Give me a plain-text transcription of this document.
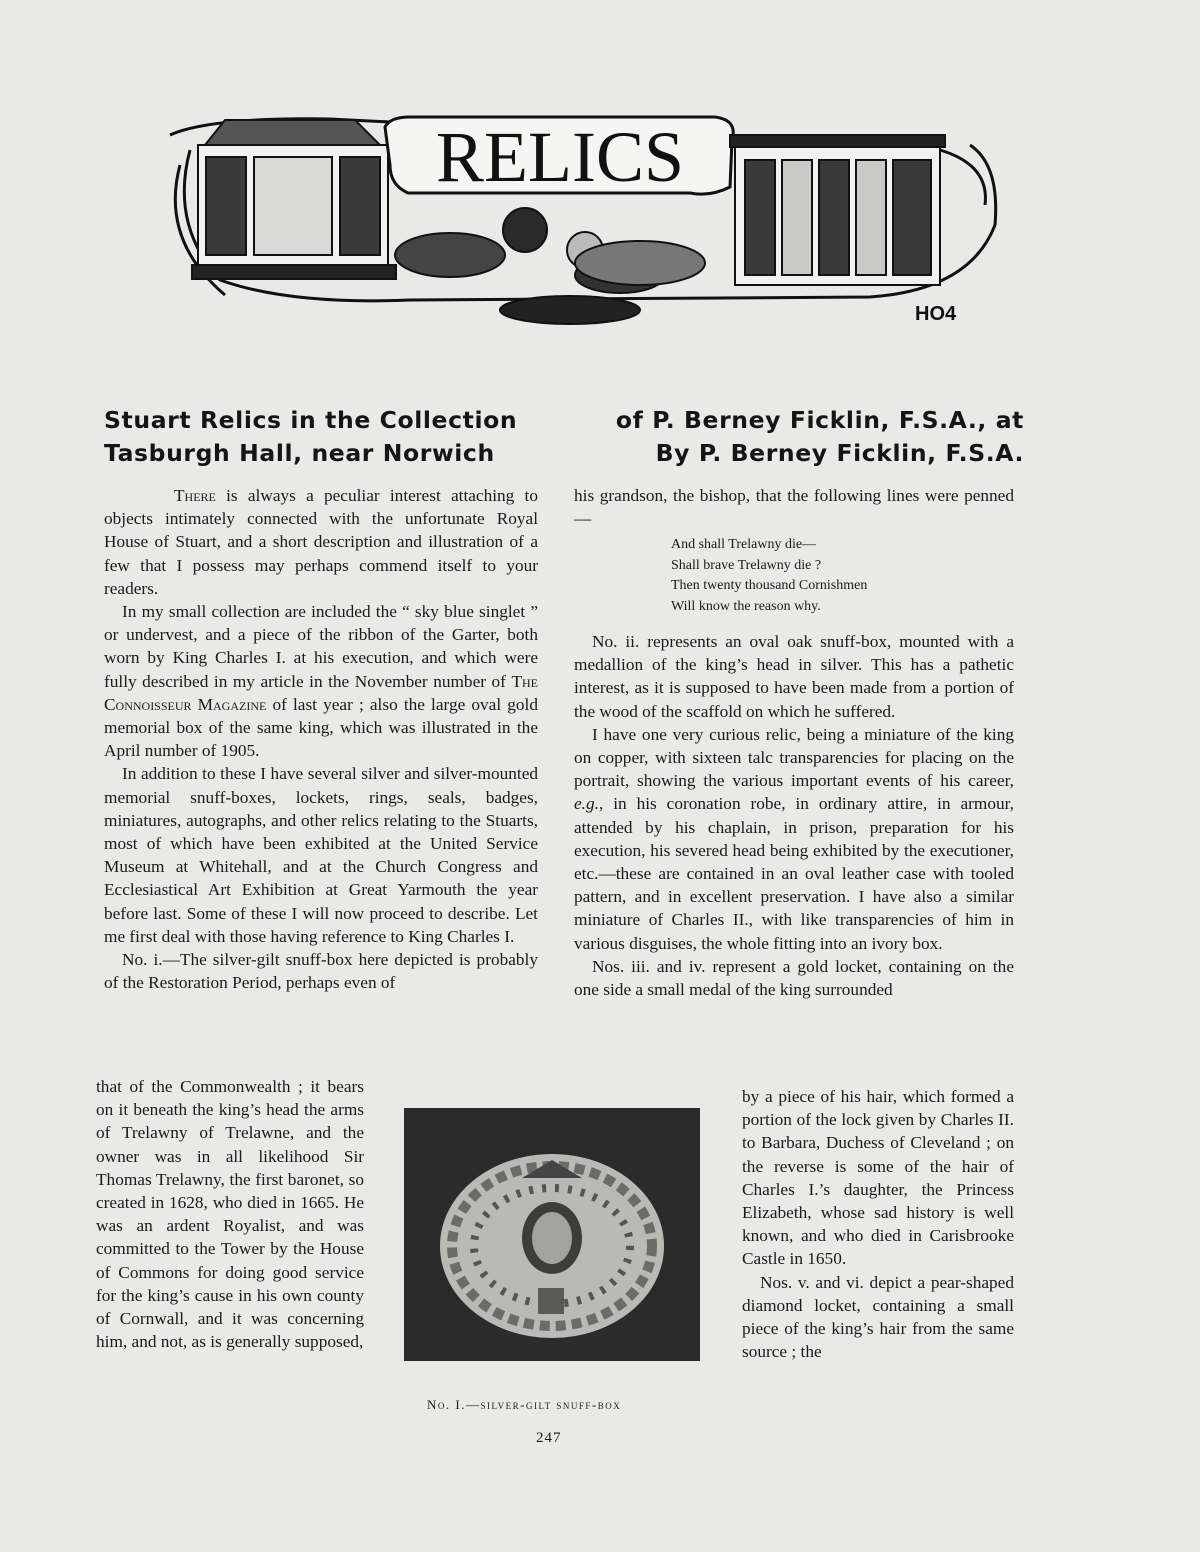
RELICS
HO4
Stuart Relics in the Collection	of P. Berney Ficklin, F.S.A., at
Tasburgh Hall, near Norwich	By P. Berney Ficklin, F.S.A.

There is always a peculiar interest attaching to objects intimately connected with the unfortunate Royal House of Stuart, and a short description and illustration of a few that I possess may perhaps commend itself to your readers.

In my small collection are included the “ sky blue singlet ” or undervest, and a piece of the ribbon of the Garter, both worn by King Charles I. at his execution, and which were fully described in my article in the November number of The Connoisseur Magazine of last year ; also the large oval gold memorial box of the same king, which was illustrated in the April number of 1905.

In addition to these I have several silver and silver-mounted memorial snuff-boxes, lockets, rings, seals, badges, miniatures, autographs, and other relics relating to the Stuarts, most of which have been exhibited at the United Service Museum at Whitehall, and at the Church Congress and Ecclesiastical Art Exhibition at Great Yarmouth the year before last. Some of these I will now proceed to describe. Let me first deal with those having reference to King Charles I.

No. i.—The silver-gilt snuff-box here depicted is probably of the Restoration Period, perhaps even of

that of the Commonwealth ; it bears on it beneath the king’s head the arms of Trelawny of Trelawne, and the owner was in all likelihood Sir Thomas Trelawny, the first baronet, so created in 1628, who died in 1665. He was an ardent Royalist, and was committed to the Tower by the House of Commons for doing good service for the king’s cause in his own county of Cornwall, and it was concerning him, and not, as is generally supposed,

his grandson, the bishop, that the following lines were penned—

And shall Trelawny die—
Shall brave Trelawny die ?
Then twenty thousand Cornishmen
Will know the reason why.

No. ii. represents an oval oak snuff-box, mounted with a medallion of the king’s head in silver. This has a pathetic interest, as it is supposed to have been made from a portion of the wood of the scaffold on which he suffered.

I have one very curious relic, being a miniature of the king on copper, with sixteen talc transparencies for placing on the portrait, showing the various important events of his career, e.g., in his coronation robe, in ordinary attire, in armour, attended by his chaplain, in prison, preparation for his execution, his severed head being exhibited by the executioner, etc.—these are contained in an oval leather case with tooled pattern, and in excellent preservation. I have also a similar miniature of Charles II., with like transparencies of him in various disguises, the whole fitting into an ivory box.

Nos. iii. and iv. represent a gold locket, containing on the one side a small medal of the king surrounded

by a piece of his hair, which formed a portion of the lock given by Charles II. to Barbara, Duchess of Cleveland ; on the reverse is some of the hair of Charles I.’s daughter, the Princess Elizabeth, whose sad history is well known, and who died in Carisbrooke Castle in 1650.

Nos. v. and vi. depict a pear-shaped diamond locket, containing a small piece of the king’s hair from the same source ; the

No. I.—silver-gilt snuff-box
247
